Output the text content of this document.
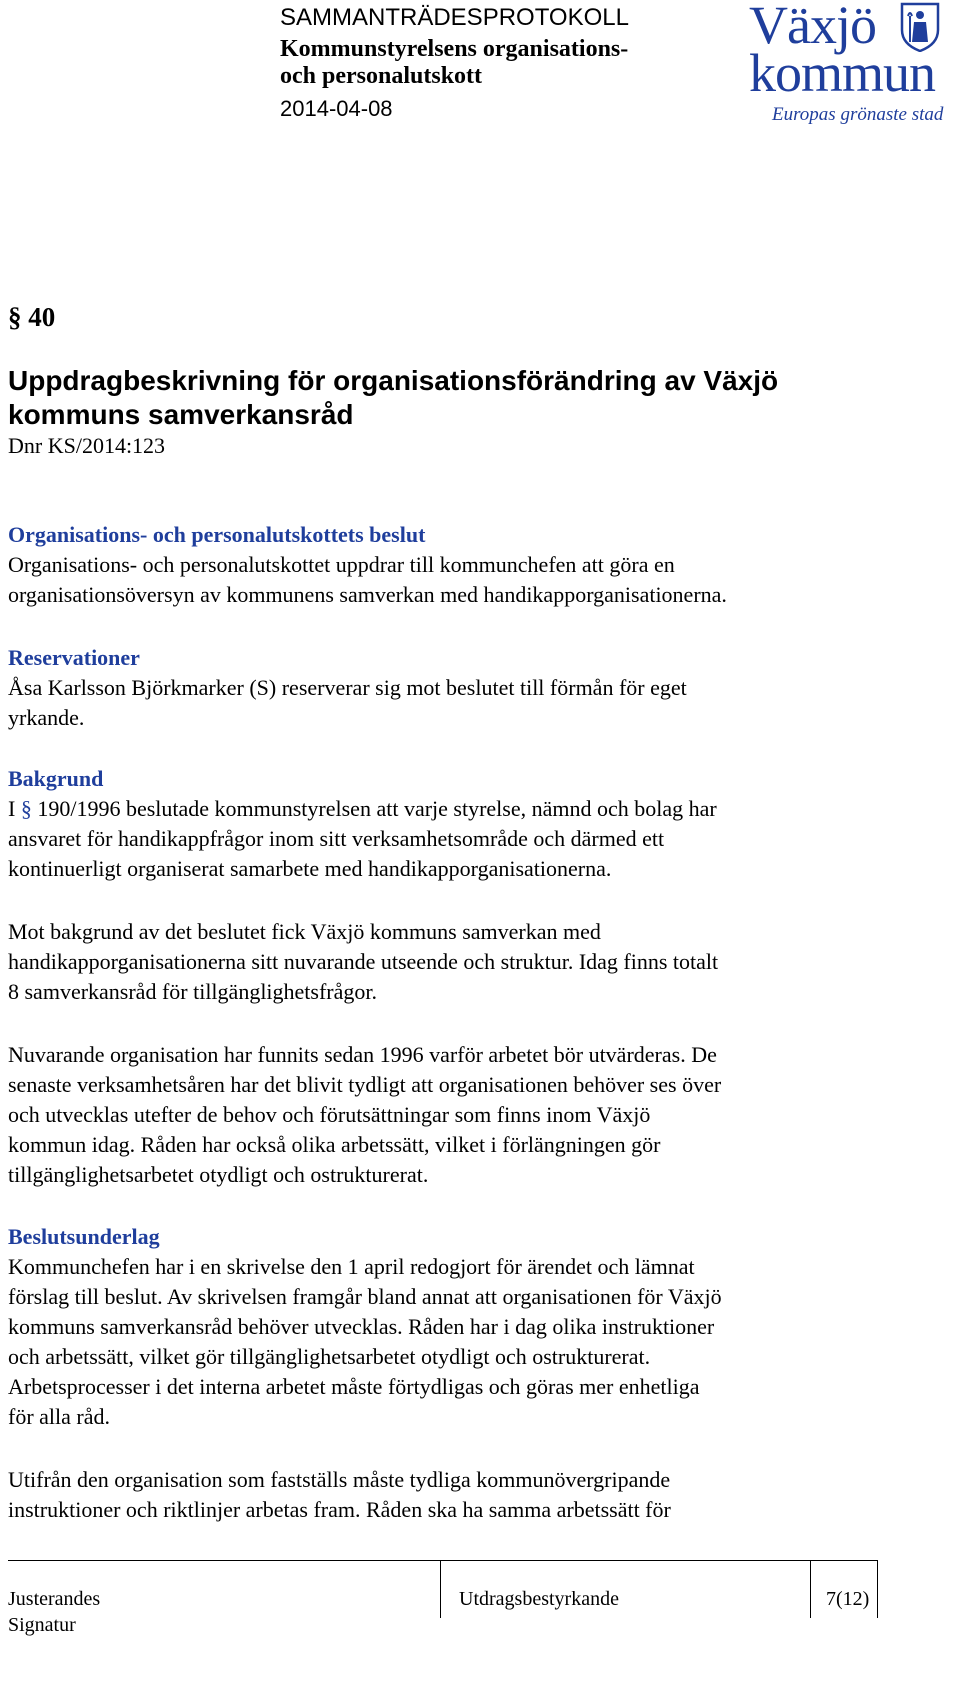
SAMMANTRÄDESPROTOKOLL
Kommunstyrelsens organisations-
och personalutskott
2014-04-08
Växjö
kommun
Europas grönaste stad
§ 40
Uppdragbeskrivning för organisationsförändring av Växjö
kommuns samverkansråd
Dnr KS/2014:123
Organisations- och personalutskottets beslut
Organisations- och personalutskottet uppdrar till kommunchefen att göra en
organisationsöversyn av kommunens samverkan med handikapporganisationerna.
Reservationer
Åsa Karlsson Björkmarker (S) reserverar sig mot beslutet till förmån för eget
yrkande.
Bakgrund
I § 190/1996 beslutade kommunstyrelsen att varje styrelse, nämnd och bolag har
ansvaret för handikappfrågor inom sitt verksamhetsområde och därmed ett
kontinuerligt organiserat samarbete med handikapporganisationerna.
Mot bakgrund av det beslutet fick Växjö kommuns samverkan med
handikapporganisationerna sitt nuvarande utseende och struktur. Idag finns totalt
8 samverkansråd för tillgänglighetsfrågor.
Nuvarande organisation har funnits sedan 1996 varför arbetet bör utvärderas. De
senaste verksamhetsåren har det blivit tydligt att organisationen behöver ses över
och utvecklas utefter de behov och förutsättningar som finns inom Växjö
kommun idag. Råden har också olika arbetssätt, vilket i förlängningen gör
tillgänglighetsarbetet otydligt och ostrukturerat.
Beslutsunderlag
Kommunchefen har i en skrivelse den 1 april redogjort för ärendet och lämnat
förslag till beslut. Av skrivelsen framgår bland annat att organisationen för Växjö
kommuns samverkansråd behöver utvecklas. Råden har i dag olika instruktioner
och arbetssätt, vilket gör tillgänglighetsarbetet otydligt och ostrukturerat.
Arbetsprocesser i det interna arbetet måste förtydligas och göras mer enhetliga
för alla råd.
Utifrån den organisation som fastställs måste tydliga kommunövergripande
instruktioner och riktlinjer arbetas fram. Råden ska ha samma arbetssätt för
Justerandes
Signatur
Utdragsbestyrkande	7(12)
